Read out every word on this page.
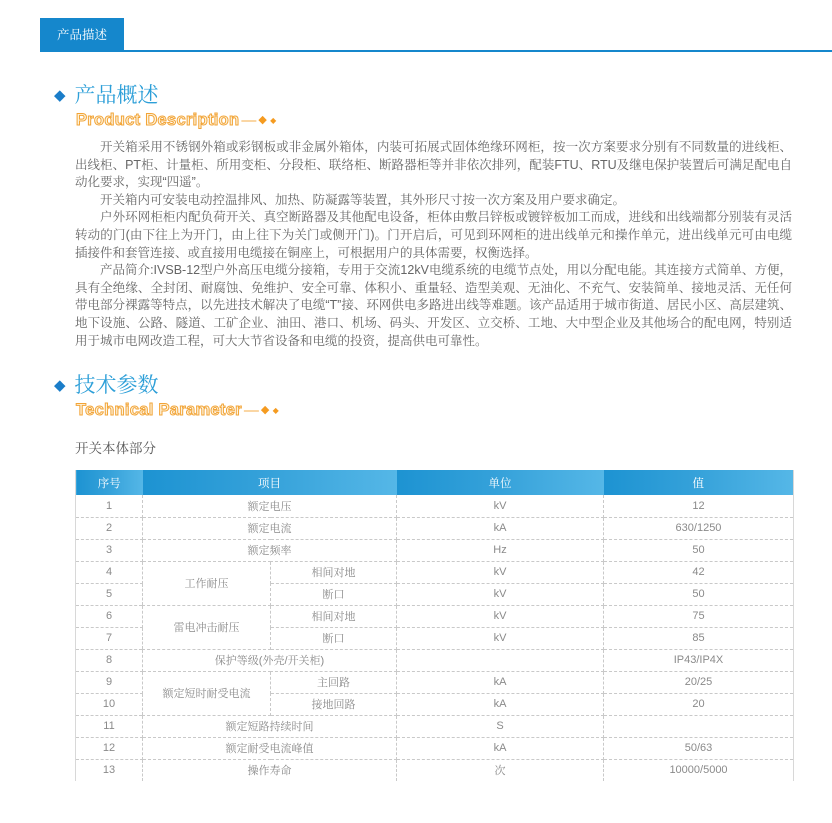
产品描述
◆ 产品概述
Product Description — ◆ ◆

开关箱采用不锈钢外箱或彩钢板或非金属外箱体，内装可拓展式固体绝缘环网柜，按一次方案要求分别有不同数量的进线柜、出线柜、PT柜、计量柜、所用变柜、分段柜、联络柜、断路器柜等并非依次排列，配装FTU、RTU及继电保护装置后可满足配电自动化要求，实现“四遥”。

开关箱内可安装电动控温排风、加热、防凝露等装置，其外形尺寸按一次方案及用户要求确定。

户外环网柜柜内配负荷开关、真空断路器及其他配电设备，柜体由敷吕锌板或镀锌板加工而成，进线和出线端都分别装有灵活转动的门(由下往上为开门，由上往下为关门或侧开门)。门开启后，可见到环网柜的进出线单元和操作单元，进出线单元可由电缆插接件和套管连接、或直接用电缆接在铜座上，可根据用户的具体需要，权衡选择。

产品简介:IVSB-12型户外高压电缆分接箱，专用于交流12kV电缆系统的电缆节点处，用以分配电能。其连接方式简单、方便，具有全绝缘、全封闭、耐腐蚀、免维护、安全可靠、体积小、重量轻、造型美观、无油化、不充气、安装简单、接地灵活、无任何带电部分裸露等特点，以先进技术解决了电缆“T”接、环网供电多路进出线等难题。该产品适用于城市街道、居民小区、高层建筑、地下设施、公路、隧道、工矿企业、油田、港口、机场、码头、开发区、立交桥、工地、大中型企业及其他场合的配电网，特别适用于城市电网改造工程，可大大节省设备和电缆的投资，提高供电可靠性。

◆ 技术参数
Technical Parameter — ◆ ◆
开关本体部分
序号	项目		单位	值
1	额定电压		kV	12
2	额定电流		kA	630/1250
3	额定频率		Hz	50
4	工作耐压	相间对地	kV	42
5		断口	kV	50
6	雷电冲击耐压	相间对地	kV	75
7		断口	kV	85
8	保护等级(外壳/开关柜)			IP43/IP4X
9	额定短时耐受电流	主回路	kA	20/25
10		接地回路	kA	20
11	额定短路持续时间		S	
12	额定耐受电流峰值		kA	50/63
13	操作寿命		次	10000/5000
